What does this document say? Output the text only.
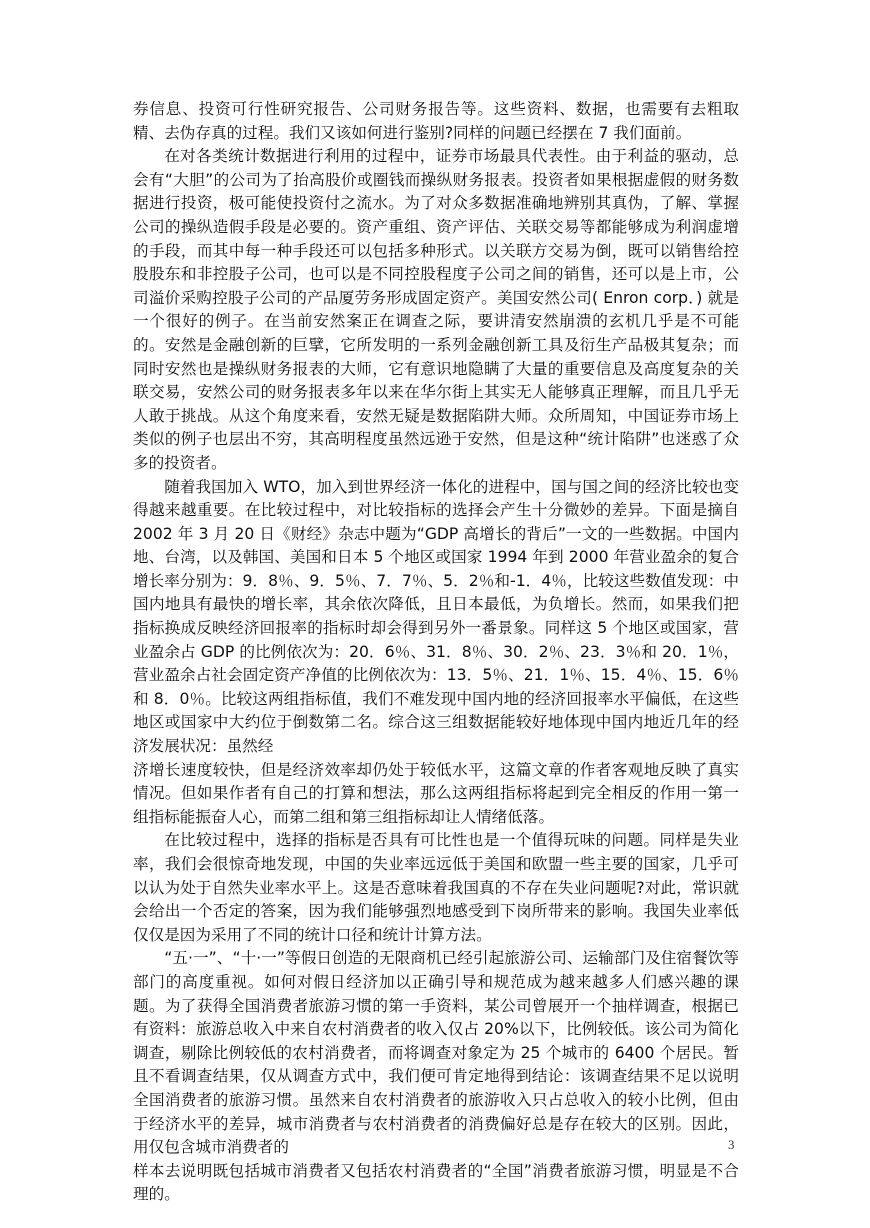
券信息、投资可行性研究报告、公司财务报告等。这些资料、数据，也需要有去粗取精、去伪存真的过程。我们又该如何进行鉴别?同样的问题已经摆在 7 我们面前。

在对各类统计数据进行利用的过程中，证券市场最具代表性。由于利益的驱动，总会有“大胆”的公司为了抬高股价或圈钱而操纵财务报表。投资者如果根据虚假的财务数据进行投资，极可能使投资付之流水。为了对众多数据准确地辨别其真伪，了解、掌握公司的操纵造假手段是必要的。资产重组、资产评估、关联交易等都能够成为利润虚增的手段，而其中每一种手段还可以包括多种形式。以关联方交易为倒，既可以销售给控股股东和非控股子公司，也可以是不同控股程度子公司之间的销售，还可以是上市，公司溢价采购控股子公司的产品厦劳务形成固定资产。美国安然公司( Enron corp．) 就是一个很好的例子。在当前安然案正在调查之际，要讲清安然崩溃的玄机几乎是不可能的。安然是金融创新的巨擘，它所发明的一系列金融创新工具及衍生产品极其复杂；而同时安然也是操纵财务报表的大师，它有意识地隐瞒了大量的重要信息及高度复杂的关联交易，安然公司的财务报表多年以来在华尔街上其实无人能够真正理解，而且几乎无人敢于挑战。从这个角度来看，安然无疑是数据陷阱大师。众所周知，中国证券市场上类似的例子也层出不穷，其高明程度虽然远逊于安然，但是这种“统计陷阱”也迷惑了众多的投资者。

随着我国加入 WTO，加入到世界经济一体化的进程中，国与国之间的经济比较也变得越来越重要。在比较过程中，对比较指标的选择会产生十分微妙的差异。下面是摘自 2002 年 3 月 20 日《财经》杂志中题为“GDP 高增长的背后”一文的一些数据。中国内地、台湾，以及韩国、美国和日本 5 个地区或国家 1994 年到 2000 年营业盈余的复合增长率分别为：9．8％、9．5％、7．7％、5．2％和-1．4％，比较这些数值发现：中国内地具有最快的增长率，其余依次降低，且日本最低，为负增长。然而，如果我们把指标换成反映经济回报率的指标时却会得到另外一番景象。同样这 5 个地区或国家，营业盈余占 GDP 的比例依次为：20．6％、31．8％、30．2％、23．3％和 20．1％，营业盈余占社会固定资产净值的比例依次为：13．5％、21．1％、15．4％、15．6％和 8．0％。比较这两组指标值，我们不难发现中国内地的经济回报率水平偏低，在这些地区或国家中大约位于倒数第二名。综合这三组数据能较好地体现中国内地近几年的经济发展状况：虽然经

济增长速度较快，但是经济效率却仍处于较低水平，这篇文章的作者客观地反映了真实情况。但如果作者有自己的打算和想法，那么这两组指标将起到完全相反的作用一第一组指标能振奋人心，而第二组和第三组指标却让人情绪低落。

在比较过程中，选择的指标是否具有可比性也是一个值得玩味的问题。同样是失业率，我们会很惊奇地发现，中国的失业率远远低于美国和欧盟一些主要的国家，几乎可以认为处于自然失业率水平上。这是否意味着我国真的不存在失业问题呢?对此，常识就会给出一个否定的答案，因为我们能够强烈地感受到下岗所带来的影响。我国失业率低仅仅是因为采用了不同的统计口径和统计计算方法。

“五·一”、“十·一”等假日创造的无限商机已经引起旅游公司、运输部门及住宿餐饮等部门的高度重视。如何对假日经济加以正确引导和规范成为越来越多人们感兴趣的课题。为了获得全国消费者旅游习惯的第一手资料，某公司曾展开一个抽样调查，根据已有资料：旅游总收入中来自农村消费者的收入仅占 20%以下，比例较低。该公司为简化调查，剔除比例较低的农村消费者，而将调查对象定为 25 个城市的 6400 个居民。暂且不看调查结果，仅从调查方式中，我们便可肯定地得到结论：该调查结果不足以说明全国消费者的旅游习惯。虽然来自农村消费者的旅游收入只占总收入的较小比例，但由于经济水平的差异，城市消费者与农村消费者的消费偏好总是存在较大的区别。因此，用仅包含城市消费者的

样本去说明既包括城市消费者又包括农村消费者的“全国”消费者旅游习惯，明显是不合理的。

3
